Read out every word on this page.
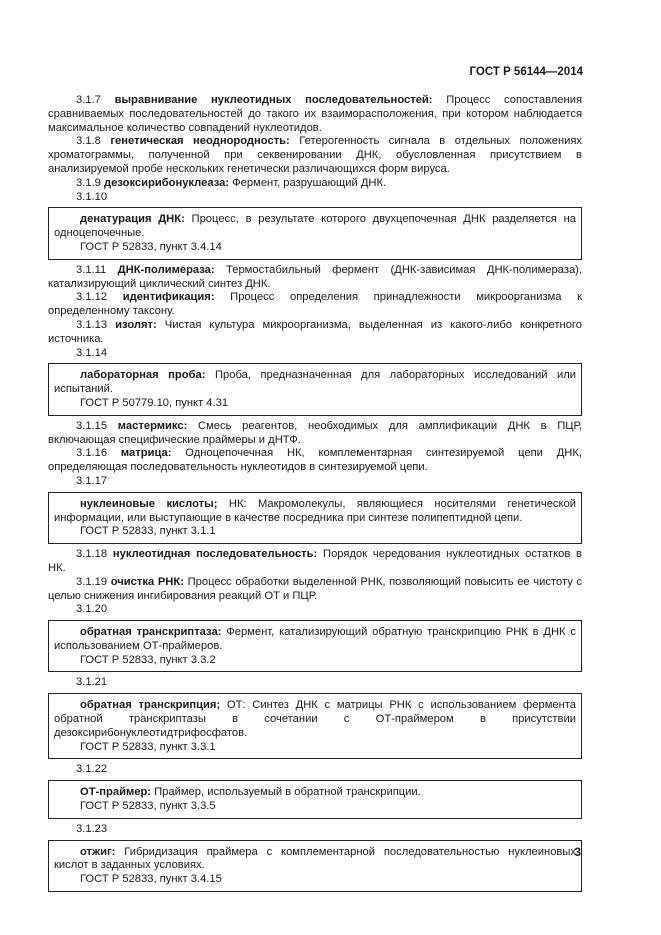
ГОСТ Р 56144—2014

3.1.7 выравнивание нуклеотидных последовательностей: Процесс сопоставления сравниваемых последовательностей до такого их взаиморасположения, при котором наблюдается максимальное количество совпадений нуклеотидов.

3.1.8 генетическая неоднородность: Гетерогенность сигнала в отдельных положениях хроматограммы, полученной при секвенировании ДНК, обусловленная присутствием в анализируемой пробе нескольких генетически различающихся форм вируса.

3.1.9 дезоксирибонуклеаза: Фермент, разрушающий ДНК.

3.1.10

денатурация ДНК: Процесс, в результате которого двухцепочечная ДНК разделяется на одноцепочечные.

ГОСТ Р 52833, пункт 3.4.14

3.1.11 ДНК-полимераза: Термостабильный фермент (ДНК-зависимая ДНК-полимераза), катализирующий циклический синтез ДНК.

3.1.12 идентификация: Процесс определения принадлежности микроорганизма к определенному таксону.

3.1.13 изолят: Чистая культура микроорганизма, выделенная из какого-либо конкретного источника.

3.1.14

лабораторная проба: Проба, предназначенная для лабораторных исследований или испытаний.

ГОСТ Р 50779.10, пункт 4.31

3.1.15 мастермикс: Смесь реагентов, необходимых для амплификации ДНК в ПЦР, включающая специфические праймеры и дНТФ.

3.1.16 матрица: Одноцепочечная НК, комплементарная синтезируемой цепи ДНК, определяющая последовательность нуклеотидов в синтезируемой цепи.

3.1.17

нуклеиновые кислоты; НК: Макромолекулы, являющиеся носителями генетической информации, или выступающие в качестве посредника при синтезе полипептидной цепи.

ГОСТ Р 52833, пункт 3.1.1

3.1.18 нуклеотидная последовательность: Порядок чередования нуклеотидных остатков в НК.

3.1.19 очистка РНК: Процесс обработки выделенной РНК, позволяющий повысить ее чистоту с целью снижения ингибирования реакций ОТ и ПЦР.

3.1.20

обратная транскриптаза: Фермент, катализирующий обратную транскрипцию РНК в ДНК с использованием ОТ-праймеров.

ГОСТ Р 52833, пункт 3.3.2

3.1.21

обратная транскрипция; ОТ: Синтез ДНК с матрицы РНК с использованием фермента обратной транскриптазы в сочетании с ОТ-праймером в присутствии дезоксирибонуклеотидтрифосфатов.

ГОСТ Р 52833, пункт 3.3.1

3.1.22

ОТ-праймер: Праймер, используемый в обратной транскрипции.

ГОСТ Р 52833, пункт 3.3.5

3.1.23

отжиг: Гибридизация праймера с комплементарной последовательностью нуклеиновых кислот в заданных условиях.

ГОСТ Р 52833, пункт 3.4.15

3
